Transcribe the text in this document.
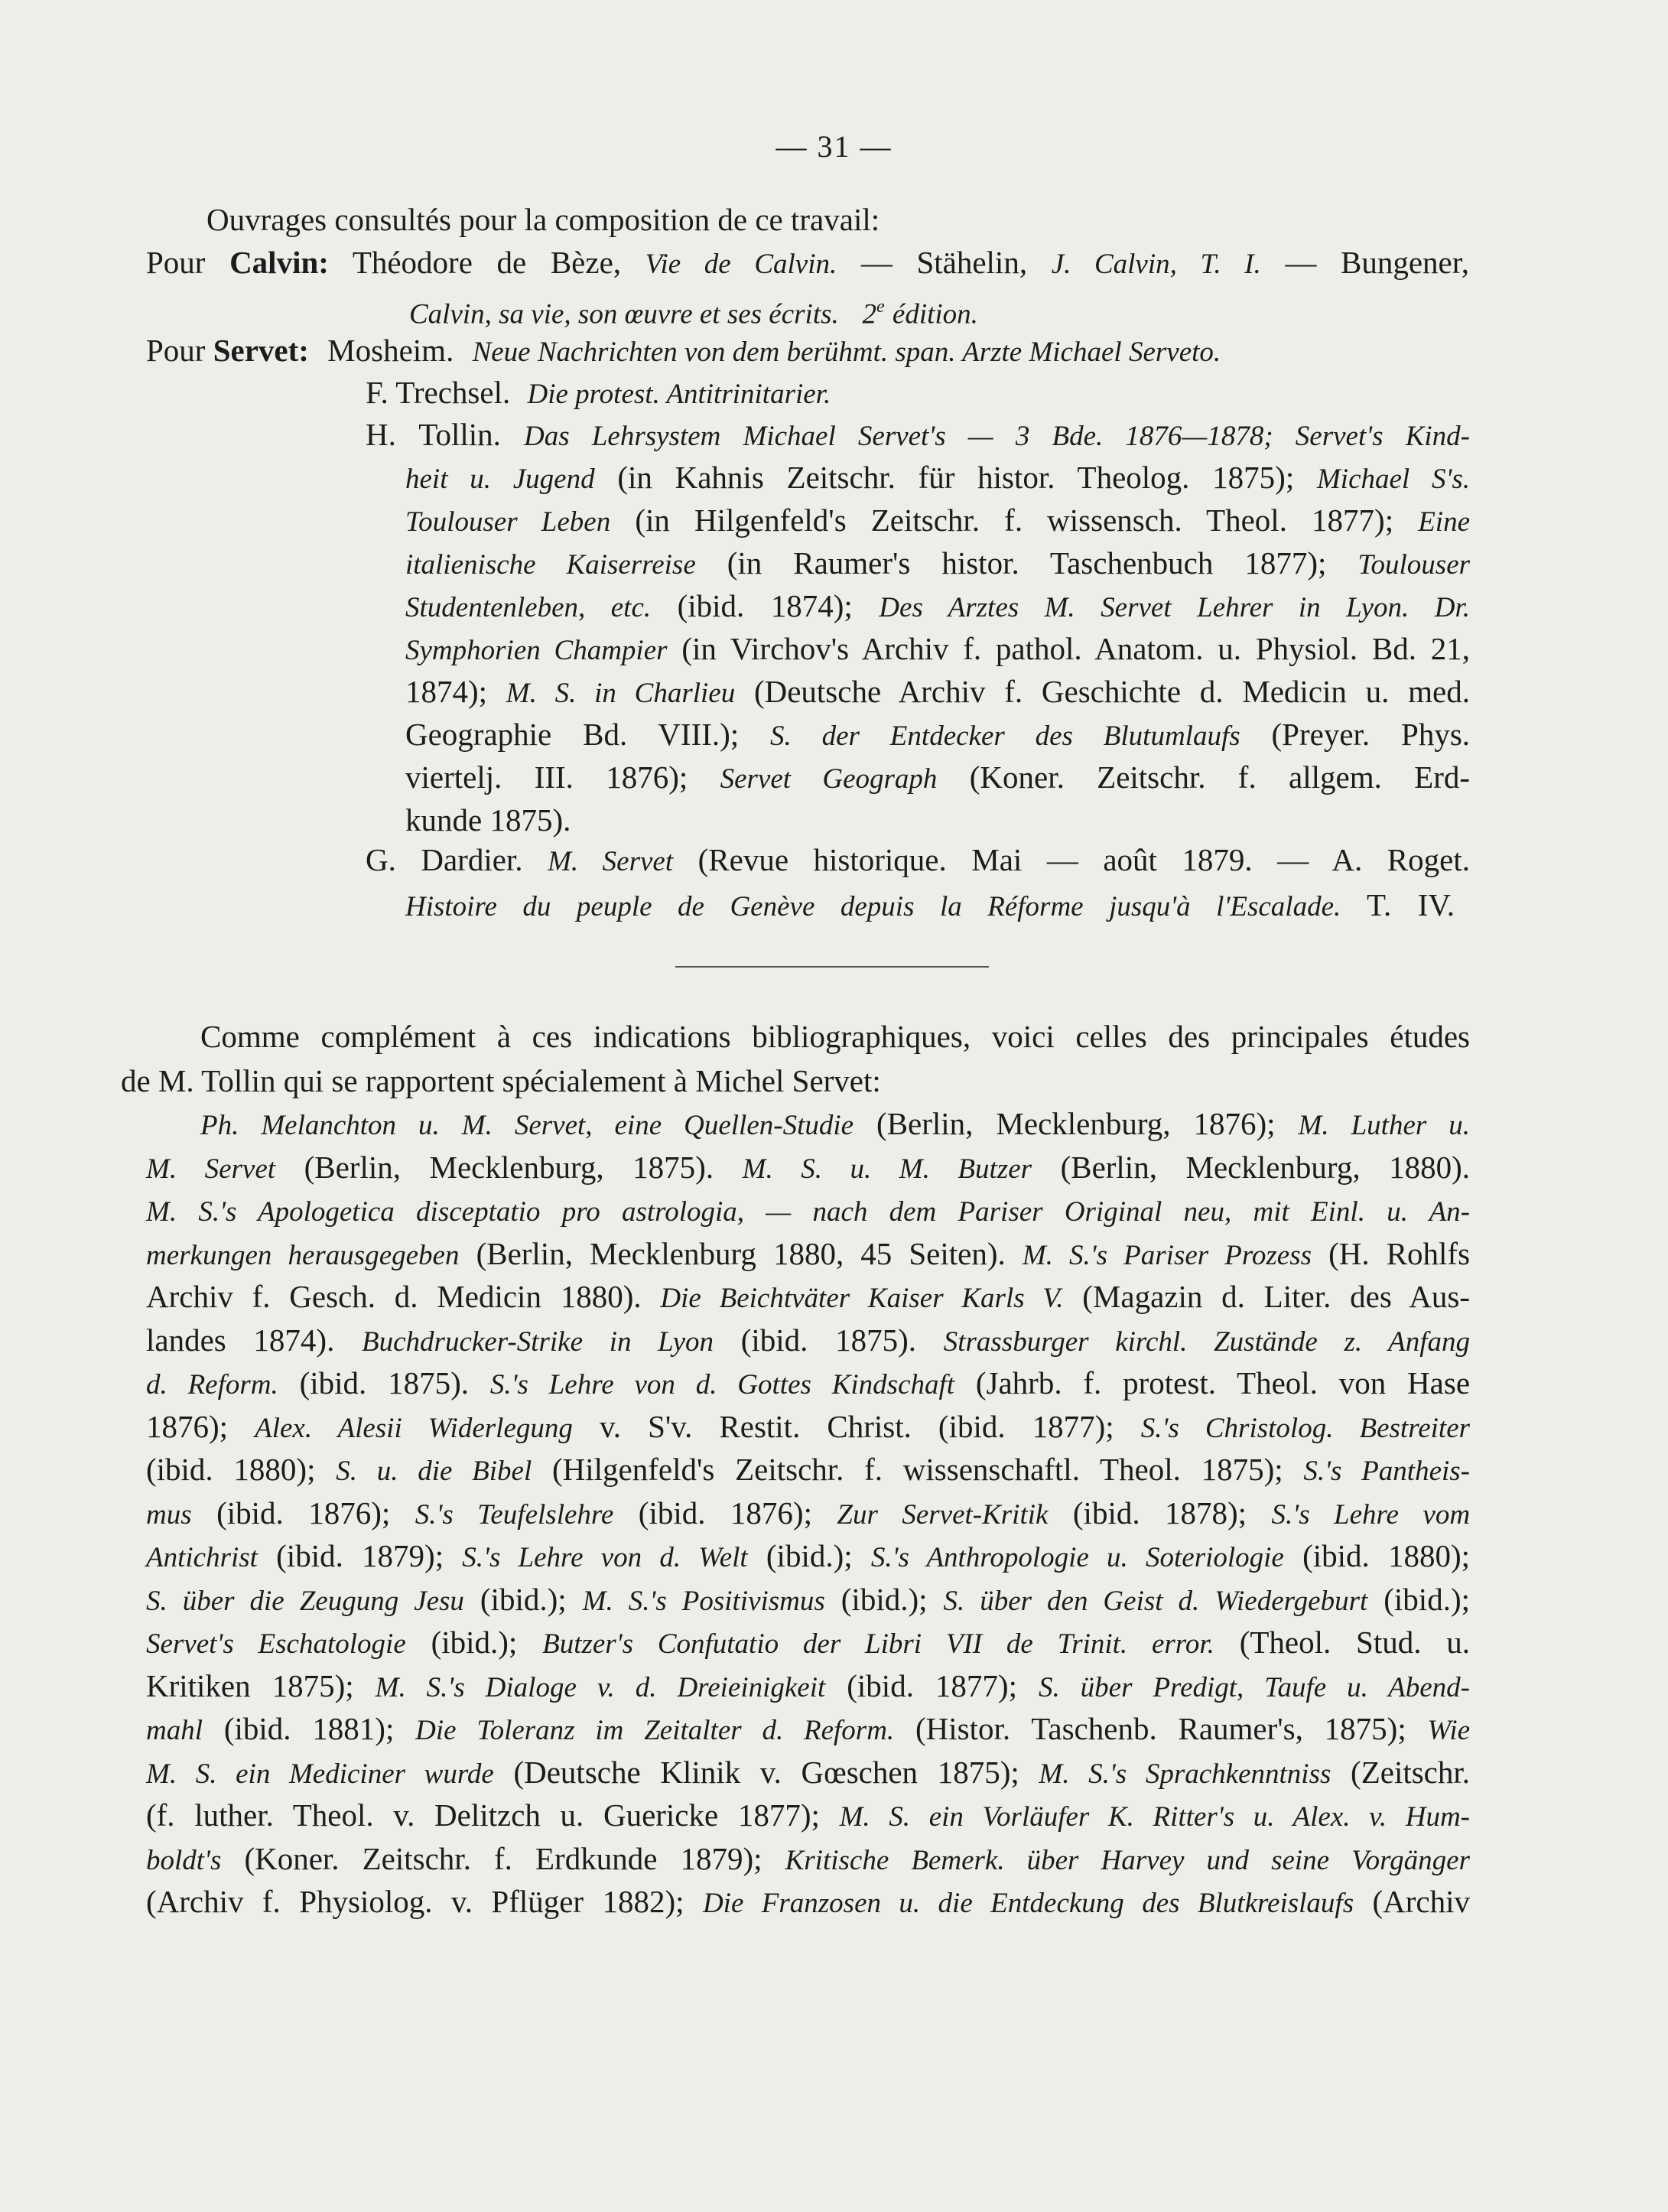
— 31 —
Ouvrages consultés pour la composition de ce travail:
Pour Calvin: Théodore de Bèze, Vie de Calvin. — Stähelin, J. Calvin, T. I. — Bungener,
Calvin, sa vie, son œuvre et ses écrits. 2e édition.
Pour Servet: Mosheim. Neue Nachrichten von dem berühmt. span. Arzte Michael Serveto.
F. Trechsel. Die protest. Antitrinitarier.
H. Tollin. Das Lehrsystem Michael Servet's — 3 Bde. 1876—1878; Servet's Kind-
heit u. Jugend (in Kahnis Zeitschr. für histor. Theolog. 1875); Michael S's.
Toulouser Leben (in Hilgenfeld's Zeitschr. f. wissensch. Theol. 1877); Eine
italienische Kaiserreise (in Raumer's histor. Taschenbuch 1877); Toulouser
Studentenleben, etc. (ibid. 1874); Des Arztes M. Servet Lehrer in Lyon. Dr.
Symphorien Champier (in Virchov's Archiv f. pathol. Anatom. u. Physiol. Bd. 21,
1874); M. S. in Charlieu (Deutsche Archiv f. Geschichte d. Medicin u. med.
Geographie Bd. VIII.); S. der Entdecker des Blutumlaufs (Preyer. Phys.
viertelj. III. 1876); Servet Geograph (Koner. Zeitschr. f. allgem. Erd-
kunde 1875).
G. Dardier. M. Servet (Revue historique. Mai — août 1879. — A. Roget.
Histoire du peuple de Genève depuis la Réforme jusqu'à l'Escalade. T. IV.
Comme complément à ces indications bibliographiques, voici celles des principales études
de M. Tollin qui se rapportent spécialement à Michel Servet:
Ph. Melanchton u. M. Servet, eine Quellen-Studie (Berlin, Mecklenburg, 1876); M. Luther u.
M. Servet (Berlin, Mecklenburg, 1875). M. S. u. M. Butzer (Berlin, Mecklenburg, 1880).
M. S.'s Apologetica disceptatio pro astrologia, — nach dem Pariser Original neu, mit Einl. u. An-
merkungen herausgegeben (Berlin, Mecklenburg 1880, 45 Seiten). M. S.'s Pariser Prozess (H. Rohlfs
Archiv f. Gesch. d. Medicin 1880). Die Beichtväter Kaiser Karls V. (Magazin d. Liter. des Aus-
landes 1874). Buchdrucker-Strike in Lyon (ibid. 1875). Strassburger kirchl. Zustände z. Anfang
d. Reform. (ibid. 1875). S.'s Lehre von d. Gottes Kindschaft (Jahrb. f. protest. Theol. von Hase
1876); Alex. Alesii Widerlegung v. S'v. Restit. Christ. (ibid. 1877); S.'s Christolog. Bestreiter
(ibid. 1880); S. u. die Bibel (Hilgenfeld's Zeitschr. f. wissenschaftl. Theol. 1875); S.'s Pantheis-
mus (ibid. 1876); S.'s Teufelslehre (ibid. 1876); Zur Servet-Kritik (ibid. 1878); S.'s Lehre vom
Antichrist (ibid. 1879); S.'s Lehre von d. Welt (ibid.); S.'s Anthropologie u. Soteriologie (ibid. 1880);
S. über die Zeugung Jesu (ibid.); M. S.'s Positivismus (ibid.); S. über den Geist d. Wiedergeburt (ibid.);
Servet's Eschatologie (ibid.); Butzer's Confutatio der Libri VII de Trinit. error. (Theol. Stud. u.
Kritiken 1875); M. S.'s Dialoge v. d. Dreieinigkeit (ibid. 1877); S. über Predigt, Taufe u. Abend-
mahl (ibid. 1881); Die Toleranz im Zeitalter d. Reform. (Histor. Taschenb. Raumer's, 1875); Wie
M. S. ein Mediciner wurde (Deutsche Klinik v. Gœschen 1875); M. S.'s Sprachkenntniss (Zeitschr.
(f. luther. Theol. v. Delitzch u. Guericke 1877); M. S. ein Vorläufer K. Ritter's u. Alex. v. Hum-
boldt's (Koner. Zeitschr. f. Erdkunde 1879); Kritische Bemerk. über Harvey und seine Vorgänger
(Archiv f. Physiolog. v. Pflüger 1882); Die Franzosen u. die Entdeckung des Blutkreislaufs (Archiv
